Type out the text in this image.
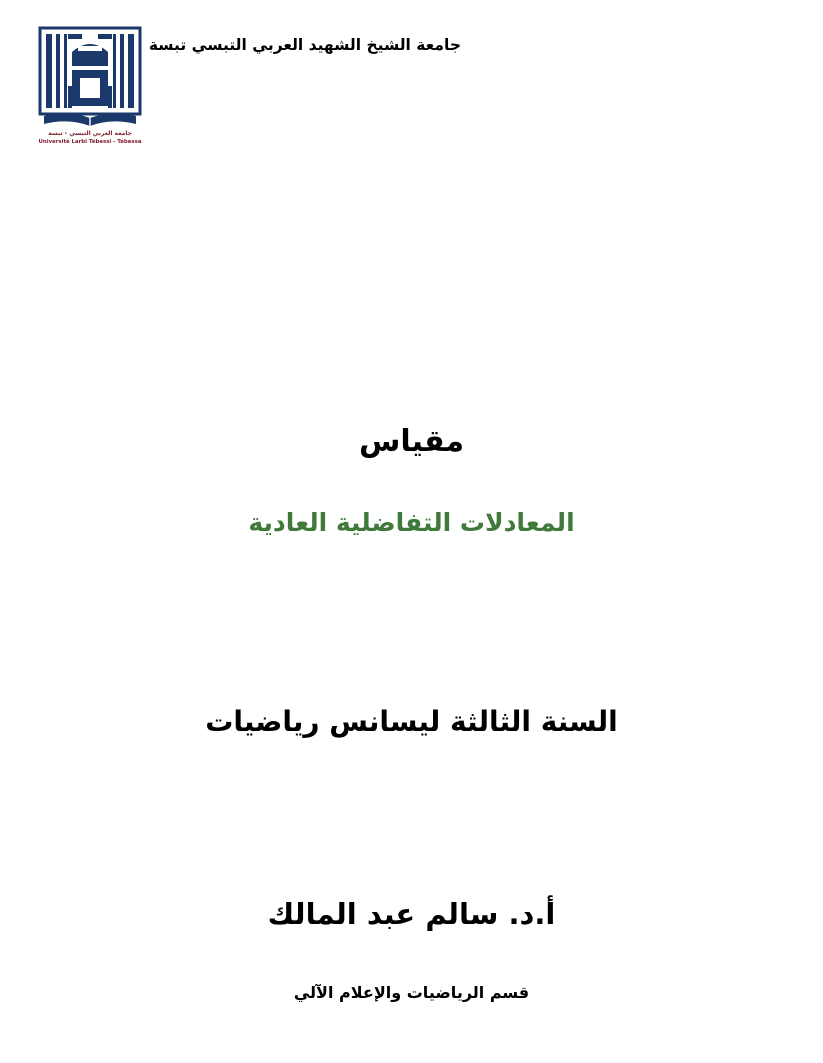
جامعة الشيخ الشهيد العربي التبسي تبسة
جامعة العربي التبسي - تبسة
Université Larbi Tébessi - Tébessa
مقياس
المعادلات التفاضلية العادية
السنة الثالثة ليسانس رياضيات
أ.د. سالم عبد المالك
قسم الرياضيات والإعلام الآلي
